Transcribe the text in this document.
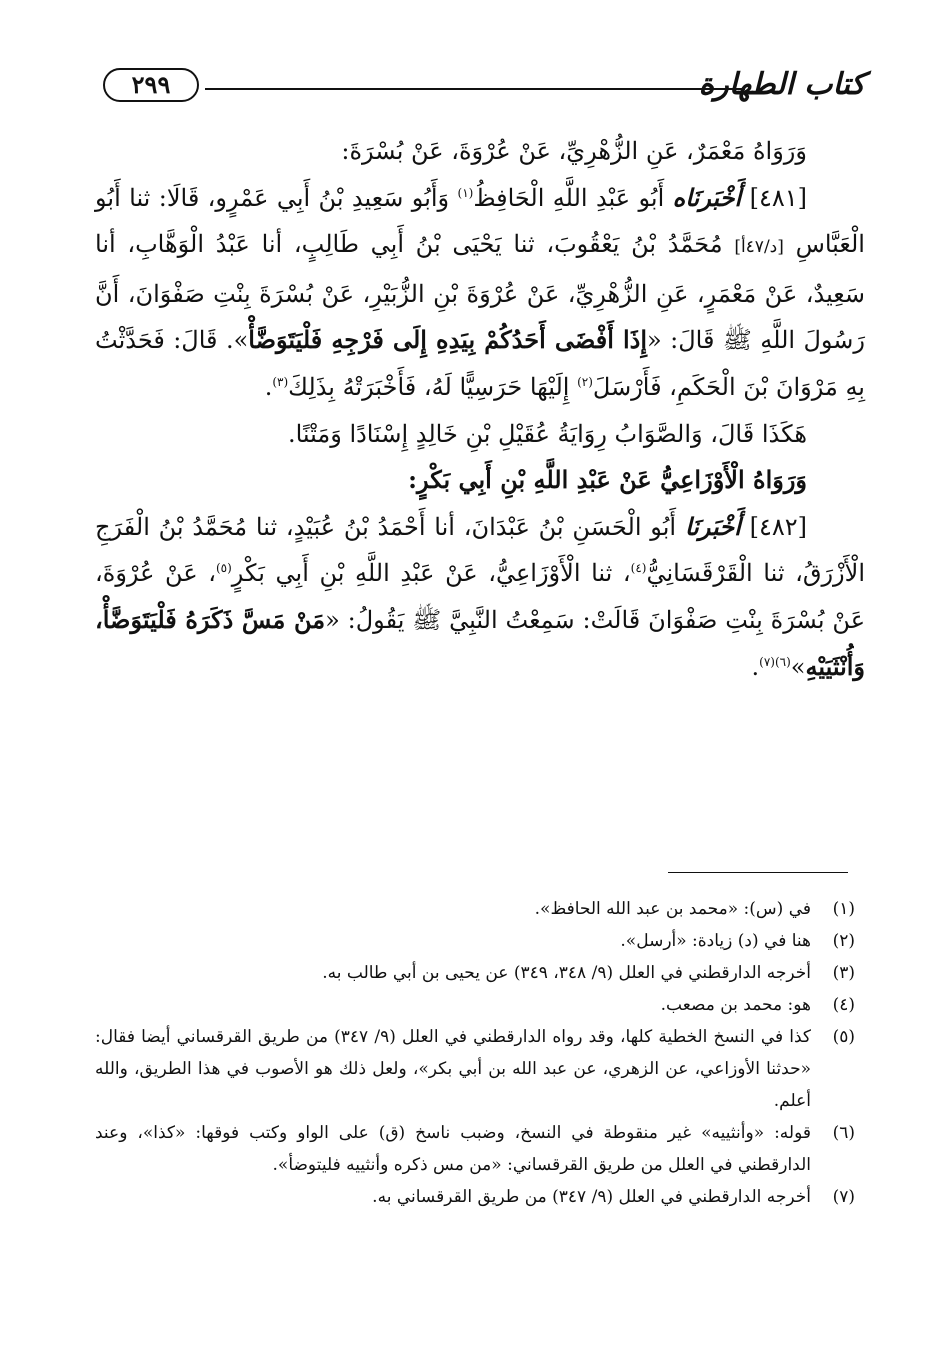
كتاب الطهارة
٢٩٩

وَرَوَاهُ مَعْمَرٌ، عَنِ الزُّهْرِيِّ، عَنْ عُرْوَةَ، عَنْ بُسْرَةَ:

[٤٨١] أَخْبَرنَاه أَبُو عَبْدِ اللَّهِ الْحَافِظُ$^{(١)}$ وَأَبُو سَعِيدِ بْنُ أَبِي عَمْرٍو، قَالَا: ثنا أَبُو الْعَبَّاسِ [د/٤٧أ] مُحَمَّدُ بْنُ يَعْقُوبَ، ثنا يَحْيَى بْنُ أَبِي طَالِبٍ، أنا عَبْدُ الْوَهَّابِ، أنا سَعِيدٌ، عَنْ مَعْمَرٍ، عَنِ الزُّهْرِيِّ، عَنْ عُرْوَةَ بْنِ الزُّبَيْرِ، عَنْ بُسْرَةَ بِنْتِ صَفْوَانَ، أَنَّ رَسُولَ اللَّهِ ﷺ قَالَ: «إِذَا أَفْضَى أَحَدُكُمْ بِيَدِهِ إِلَى فَرْجِهِ فَلْيَتَوَضَّأْ». قَالَ: فَحَدَّثْتُ بِهِ مَرْوَانَ بْنَ الْحَكَمِ، فَأَرْسَلَ$^{(٢)}$ إِلَيْهَا حَرَسِيًّا لَهُ، فَأَخْبَرَتْهُ بِذَلِكَ$^{(٣)}$.

هَكَذَا قَالَ، وَالصَّوَابُ رِوَايَةُ عُقَيْلِ بْنِ خَالِدٍ إِسْنَادًا وَمَتْنًا.

وَرَوَاهُ الْأَوْزَاعِيُّ عَنْ عَبْدِ اللَّهِ بْنِ أَبِي بَكْرٍ:

[٤٨٢] أَخْبَرنَا أَبُو الْحَسَنِ بْنُ عَبْدَانَ، أنا أَحْمَدُ بْنُ عُبَيْدٍ، ثنا مُحَمَّدُ بْنُ الْفَرَجِ الْأَزْرَقُ، ثنا الْقَرْقَسَانِيُّ$^{(٤)}$، ثنا الْأَوْزَاعِيُّ، عَنْ عَبْدِ اللَّهِ بْنِ أَبِي بَكْرٍ$^{(٥)}$، عَنْ عُرْوَةَ، عَنْ بُسْرَةَ بِنْتِ صَفْوَانَ قَالَتْ: سَمِعْتُ النَّبِيَّ ﷺ يَقُولُ: «مَنْ مَسَّ ذَكَرَهُ فَلْيَتَوَضَّأْ، وَأُنْثَيَيْهِ»$^{(٦)(٧)}$.

(١)
في (س): «محمد بن عبد الله الحافظ».
(٢)
هنا في (د) زيادة: «أرسل».
(٣)
أخرجه الدارقطني في العلل (٩/ ٣٤٨، ٣٤٩) عن يحيى بن أبي طالب به.
(٤)
هو: محمد بن مصعب.
(٥)
كذا في النسخ الخطية كلها، وقد رواه الدارقطني في العلل (٩/ ٣٤٧) من طريق القرقساني أيضا فقال: «حدثنا الأوزاعي، عن الزهري، عن عبد الله بن أبي بكر»، ولعل ذلك هو الأصوب في هذا الطريق، والله أعلم.
(٦)
قوله: «وأنثييه» غير منقوطة في النسخ، وضبب ناسخ (ق) على الواو وكتب فوقها: «كذا»، وعند الدارقطني في العلل من طريق القرقساني: «من مس ذكره وأنثييه فليتوضأ».
(٧)
أخرجه الدارقطني في العلل (٩/ ٣٤٧) من طريق القرقساني به.
